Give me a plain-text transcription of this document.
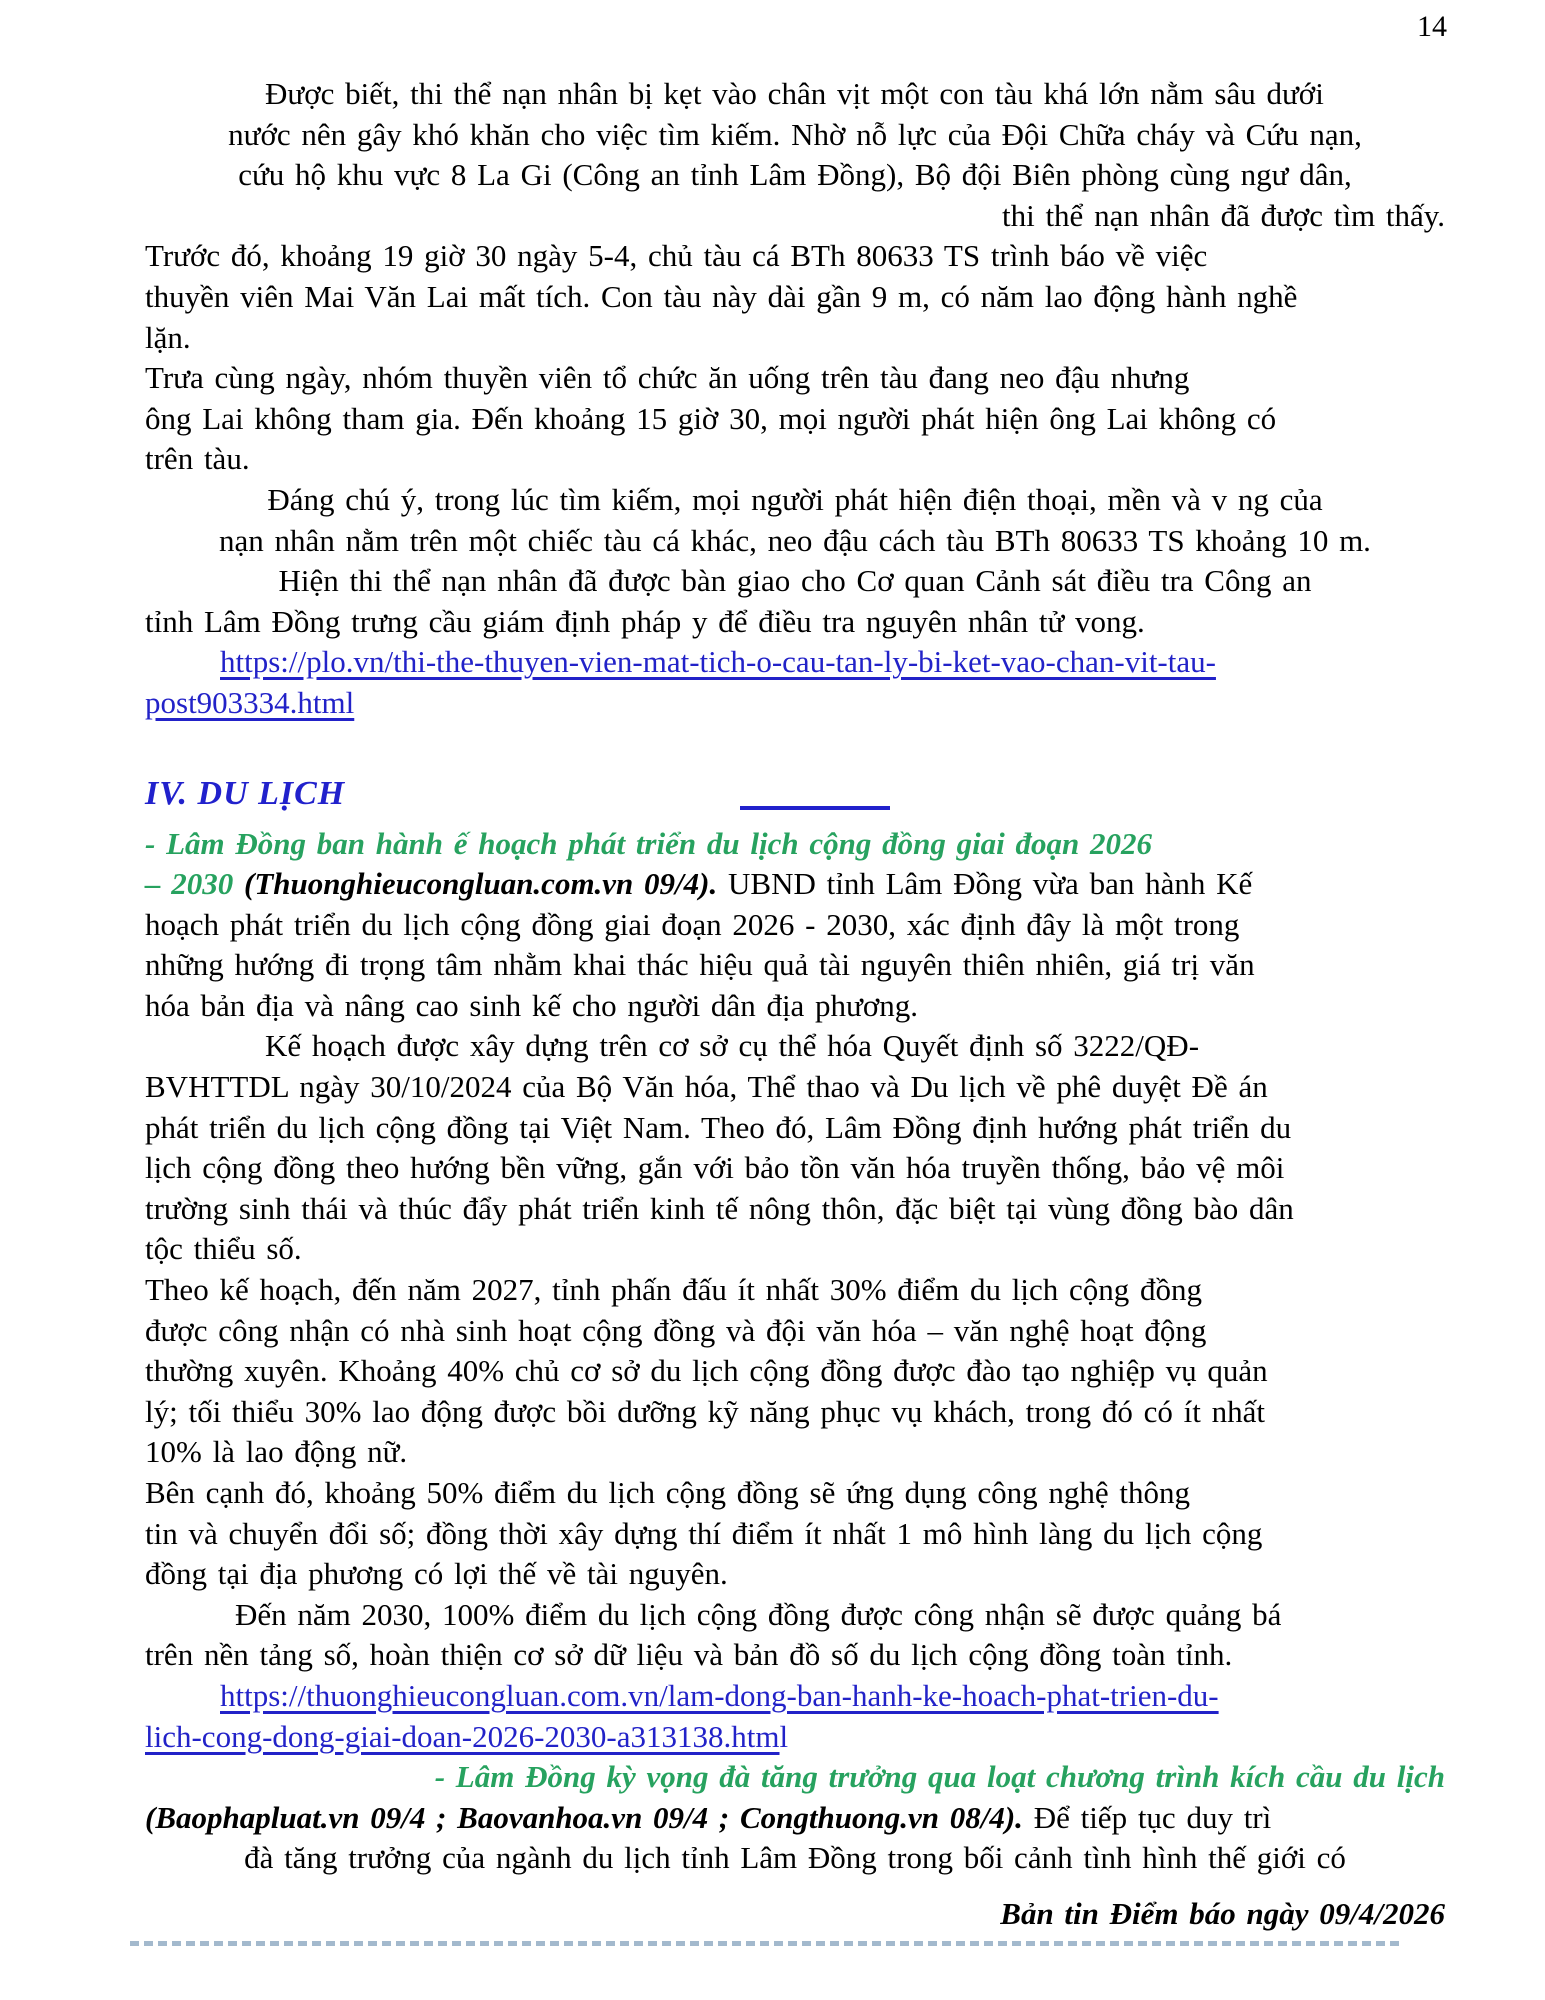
14
Được biết, thi thể nạn nhân bị kẹt vào chân vịt một con tàu khá lớn nằm sâu dưới
nước nên gây khó khăn cho việc tìm kiếm. Nhờ nỗ lực của Đội Chữa cháy và Cứu nạn,
cứu hộ khu vực 8 La Gi (Công an tỉnh Lâm Đồng), Bộ đội Biên phòng cùng ngư dân,
thi thể nạn nhân đã được tìm thấy.
Trước đó, khoảng 19 giờ 30 ngày 5-4, chủ tàu cá BTh 80633 TS trình báo về việc
thuyền viên Mai Văn Lai mất tích. Con tàu này dài gần 9 m, có năm lao động hành nghề
lặn.
Trưa cùng ngày, nhóm thuyền viên tổ chức ăn uống trên tàu đang neo đậu nhưng
ông Lai không tham gia. Đến khoảng 15 giờ 30, mọi người phát hiện ông Lai không có
trên tàu.
Đáng chú ý, trong lúc tìm kiếm, mọi người phát hiện điện thoại, mền và v ng của
nạn nhân nằm trên một chiếc tàu cá khác, neo đậu cách tàu BTh 80633 TS khoảng 10 m.
Hiện thi thể nạn nhân đã được bàn giao cho Cơ quan Cảnh sát điều tra Công an
tỉnh Lâm Đồng trưng cầu giám định pháp y để điều tra nguyên nhân tử vong.
https://plo.vn/thi-the-thuyen-vien-mat-tich-o-cau-tan-ly-bi-ket-vao-chan-vit-tau-
post903334.html
IV. DU LỊCH
- Lâm Đồng ban hành ế hoạch phát triển du lịch cộng đồng giai đoạn 2026
– 2030 (Thuonghieucongluan.com.vn 09/4). UBND tỉnh Lâm Đồng vừa ban hành Kế
hoạch phát triển du lịch cộng đồng giai đoạn 2026 - 2030, xác định đây là một trong
những hướng đi trọng tâm nhằm khai thác hiệu quả tài nguyên thiên nhiên, giá trị văn
hóa bản địa và nâng cao sinh kế cho người dân địa phương.
Kế hoạch được xây dựng trên cơ sở cụ thể hóa Quyết định số 3222/QĐ-
BVHTTDL ngày 30/10/2024 của Bộ Văn hóa, Thể thao và Du lịch về phê duyệt Đề án
phát triển du lịch cộng đồng tại Việt Nam. Theo đó, Lâm Đồng định hướng phát triển du
lịch cộng đồng theo hướng bền vững, gắn với bảo tồn văn hóa truyền thống, bảo vệ môi
trường sinh thái và thúc đẩy phát triển kinh tế nông thôn, đặc biệt tại vùng đồng bào dân
tộc thiểu số.
Theo kế hoạch, đến năm 2027, tỉnh phấn đấu ít nhất 30% điểm du lịch cộng đồng
được công nhận có nhà sinh hoạt cộng đồng và đội văn hóa – văn nghệ hoạt động
thường xuyên. Khoảng 40% chủ cơ sở du lịch cộng đồng được đào tạo nghiệp vụ quản
lý; tối thiểu 30% lao động được bồi dưỡng kỹ năng phục vụ khách, trong đó có ít nhất
10% là lao động nữ.
Bên cạnh đó, khoảng 50% điểm du lịch cộng đồng sẽ ứng dụng công nghệ thông
tin và chuyển đổi số; đồng thời xây dựng thí điểm ít nhất 1 mô hình làng du lịch cộng
đồng tại địa phương có lợi thế về tài nguyên.
Đến năm 2030, 100% điểm du lịch cộng đồng được công nhận sẽ được quảng bá
trên nền tảng số, hoàn thiện cơ sở dữ liệu và bản đồ số du lịch cộng đồng toàn tỉnh.
https://thuonghieucongluan.com.vn/lam-dong-ban-hanh-ke-hoach-phat-trien-du-
lich-cong-dong-giai-doan-2026-2030-a313138.html
- Lâm Đồng kỳ vọng đà tăng trưởng qua loạt chương trình kích cầu du lịch
(Baophapluat.vn 09/4 ; Baovanhoa.vn 09/4 ; Congthuong.vn 08/4). Để tiếp tục duy trì
đà tăng trưởng của ngành du lịch tỉnh Lâm Đồng trong bối cảnh tình hình thế giới có
Bản tin Điểm báo ngày 09/4/2026
